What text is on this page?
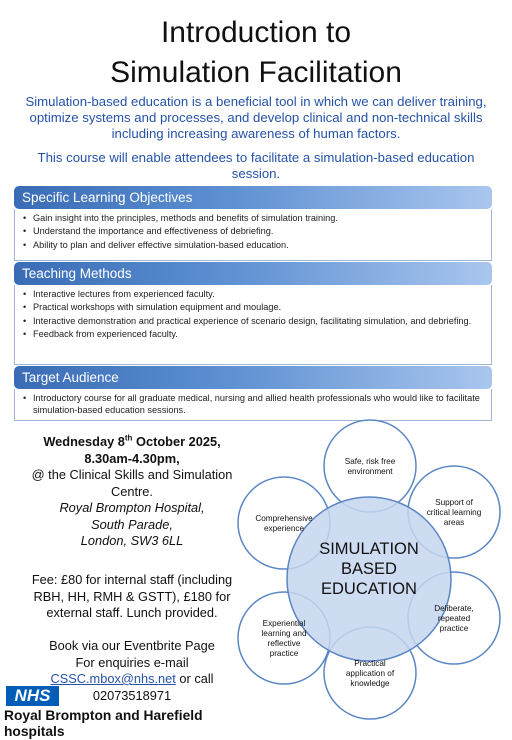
Introduction to
Simulation Facilitation
Simulation-based education is a beneficial tool in which we can deliver training,
optimize systems and processes, and develop clinical and non-technical skills
including increasing awareness of human factors.
This course will enable attendees to facilitate a simulation-based education
session.
Specific Learning Objectives
• Gain insight into the principles, methods and benefits of simulation training.
• Understand the importance and effectiveness of debriefing.
• Ability to plan and deliver effective simulation-based education.
Teaching Methods
• Interactive lectures from experienced faculty.
• Practical workshops with simulation equipment and moulage.
• Interactive demonstration and practical experience of scenario design, facilitating simulation, and debriefing.
• Feedback from experienced faculty.
Target Audience
• Introductory course for all graduate medical, nursing and allied health professionals who would like to facilitate simulation-based education sessions.
Wednesday 8th October 2025,
8.30am-4.30pm,
@ the Clinical Skills and Simulation
Centre.
Royal Brompton Hospital,
South Parade,
London, SW3 6LL
Fee: £80 for internal staff (including
RBH, HH, RMH & GSTT), £180 for
external staff. Lunch provided.
Book via our Eventbrite Page
For enquiries e-mail
CSSC.mbox@nhs.net or call
02073518971
NHS
Royal Brompton and Harefield
hospitals
Safe, risk free environment
Support of critical learning areas
Deliberate, repeated practice
Practical application of knowledge
Experiential learning and reflective practice
Comprehensive experience
SIMULATION BASED EDUCATION
